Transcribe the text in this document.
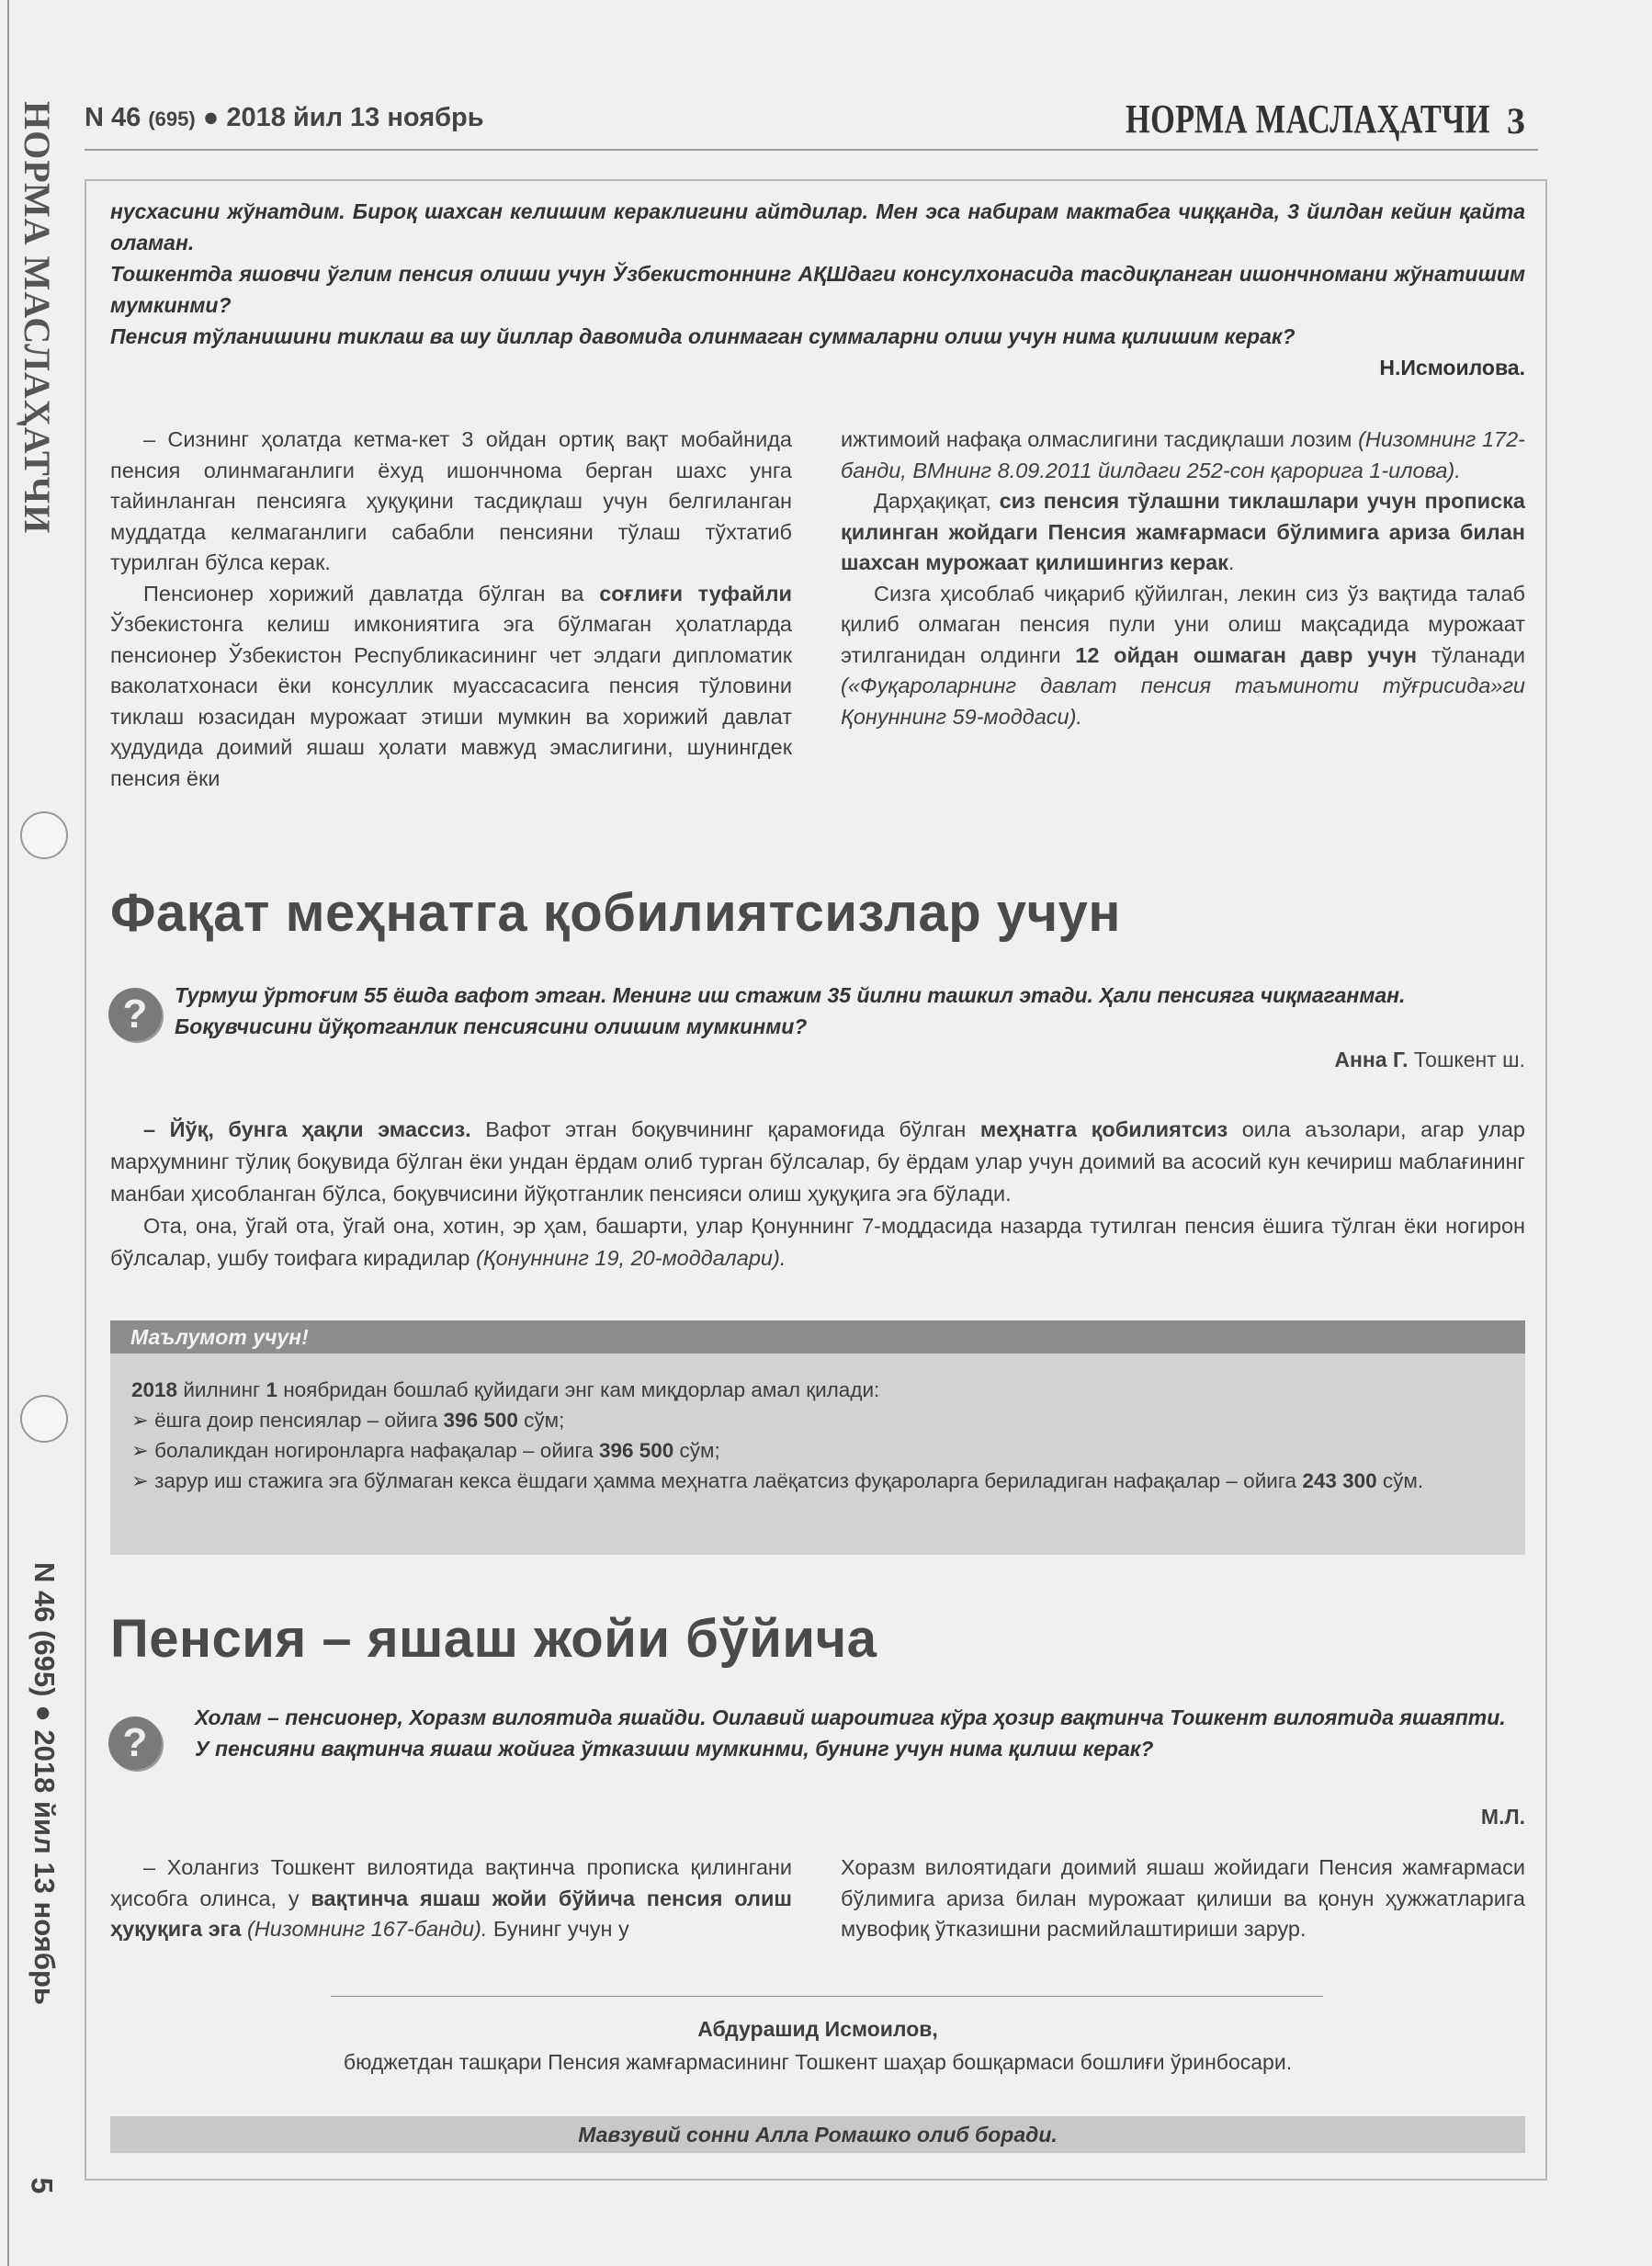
НОРМА МАСЛАҲАТЧИ
N 46 (695) ● 2018 йил 13 ноябрь
5
N 46 (695) ● 2018 йил 13 ноябрь	НОРМА МАСЛАҲАТЧИ 3

нусхасини жўнатдим. Бироқ шахсан келишим кераклигини айтдилар. Мен эса набирам мактабга чиққанда, 3 йилдан кейин қайта оламан.

Тошкентда яшовчи ўглим пенсия олиши учун Ўзбекистоннинг АҚШдаги консулхонасида тасдиқланган ишончномани жўнатишим мумкинми?

Пенсия тўланишини тиклаш ва шу йиллар давомида олинмаган суммаларни олиш учун нима қилишим керак?

Н.Исмоилова.

– Сизнинг ҳолатда кетма-кет 3 ойдан ортиқ вақт мобайнида пенсия олинмаганлиги ёхуд ишончнома берган шахс унга тайинланган пенсияга ҳуқуқини тасдиқлаш учун белгиланган муддатда келмаганлиги сабабли пенсияни тўлаш тўхтатиб турилган бўлса керак.

Пенсионер хорижий давлатда бўлган ва соғлиғи туфайли Ўзбекистонга келиш имкониятига эга бўлмаган ҳолатларда пенсионер Ўзбекистон Республикасининг чет элдаги дипломатик ваколатхонаси ёки консуллик муассасасига пенсия тўловини тиклаш юзасидан мурожаат этиши мумкин ва хорижий давлат ҳудудида доимий яшаш ҳолати мавжуд эмаслигини, шунингдек пенсия ёки

ижтимоий нафақа олмаслигини тасдиқлаши лозим (Низомнинг 172-банди, ВМнинг 8.09.2011 йилдаги 252-сон қарорига 1-илова).

Дарҳақиқат, сиз пенсия тўлашни тиклашлари учун прописка қилинган жойдаги Пенсия жамғармаси бўлимига ариза билан шахсан мурожаат қилишингиз керак.

Сизга ҳисоблаб чиқариб қўйилган, лекин сиз ўз вақтида талаб қилиб олмаган пенсия пули уни олиш мақсадида мурожаат этилганидан олдинги 12 ойдан ошмаган давр учун тўланади («Фуқароларнинг давлат пенсия таъминоти тўғрисида»ги Қонуннинг 59-моддаси).

Фақат меҳнатга қобилиятсизлар учун
?	Турмуш ўртоғим 55 ёшда вафот этган. Менинг иш стажим 35 йилни ташкил этади. Ҳали пенсияга чиқмаганман. Боқувчисини йўқотганлик пенсиясини олишим мумкинми?

Анна Г. Тошкент ш.

– Йўқ, бунга ҳақли эмассиз. Вафот этган боқувчининг қарамоғида бўлган меҳнатга қобилиятсиз оила аъзолари, агар улар марҳумнинг тўлиқ боқувида бўлган ёки ундан ёрдам олиб турган бўлсалар, бу ёрдам улар учун доимий ва асосий кун кечириш маблағининг манбаи ҳисобланган бўлса, боқувчисини йўқотганлик пенсияси олиш ҳуқуқига эга бўлади.

Ота, она, ўгай ота, ўгай она, хотин, эр ҳам, башарти, улар Қонуннинг 7-моддасида назарда тутилган пенсия ёшига тўлган ёки ногирон бўлсалар, ушбу тоифага кирадилар (Қонуннинг 19, 20-моддалари).

Маълумот учун!

2018 йилнинг 1 ноябридан бошлаб қуйидаги энг кам миқдорлар амал қилади:

➢ ёшга доир пенсиялар – ойига 396 500 сўм;

➢ болаликдан ногиронларга нафақалар – ойига 396 500 сўм;

➢ зарур иш стажига эга бўлмаган кекса ёшдаги ҳамма меҳнатга лаёқатсиз фуқароларга бериладиган нафақалар – ойига 243 300 сўм.

Пенсия – яшаш жойи бўйича
?

Холам – пенсионер, Хоразм вилоятида яшайди. Оилавий шароитига кўра ҳозир вақтинча Тошкент вилоятида яшаяпти.

У пенсияни вақтинча яшаш жойига ўтказиши мумкинми, бунинг учун нима қилиш керак?

М.Л.

– Холангиз Тошкент вилоятида вақтинча прописка қилингани ҳисобга олинса, у вақтинча яшаш жойи бўйича пенсия олиш ҳуқуқига эга (Низомнинг 167-банди). Бунинг учун у

Хоразм вилоятидаги доимий яшаш жойидаги Пенсия жамғармаси бўлимига ариза билан мурожаат қилиши ва қонун ҳужжатларига мувофиқ ўтказишни расмийлаштириши зарур.

Абдурашид Исмоилов,
бюджетдан ташқари Пенсия жамғармасининг Тошкент шаҳар бошқармаси бошлиғи ўринбосари.
Мавзувий сонни Алла Ромашко олиб боради.
